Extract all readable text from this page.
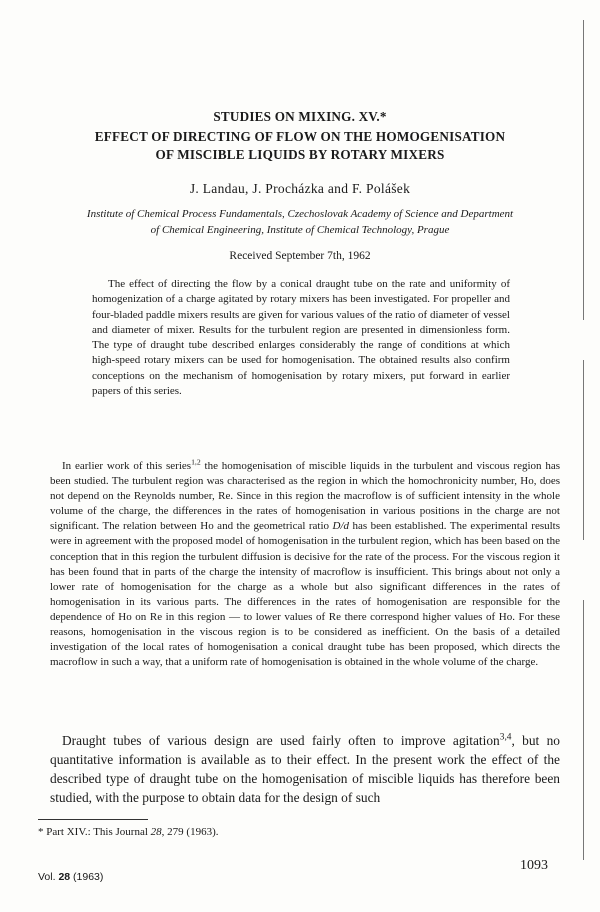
STUDIES ON MIXING. XV.*
EFFECT OF DIRECTING OF FLOW ON THE HOMOGENISATION
OF MISCIBLE LIQUIDS BY ROTARY MIXERS
J. Landau, J. Procházka and F. Polášek
Institute of Chemical Process Fundamentals, Czechoslovak Academy of Science and Department
of Chemical Engineering, Institute of Chemical Technology, Prague
Received September 7th, 1962

The effect of directing the flow by a conical draught tube on the rate and uniformity of homogenization of a charge agitated by rotary mixers has been investigated. For propeller and four-bladed paddle mixers results are given for various values of the ratio of diameter of vessel and diameter of mixer. Results for the turbulent region are presented in dimensionless form. The type of draught tube described enlarges considerably the range of conditions at which high-speed rotary mixers can be used for homogenisation. The obtained results also confirm conceptions on the mechanism of homogenisation by rotary mixers, put forward in earlier papers of this series.

In earlier work of this series$^{1,2}$ the homogenisation of miscible liquids in the turbulent and viscous region has been studied. The turbulent region was characterised as the region in which the homochronicity number, Ho, does not depend on the Reynolds number, Re. Since in this region the macroflow is of sufficient intensity in the whole volume of the charge, the differences in the rates of homogenisation in various positions in the charge are not significant. The relation between Ho and the geometrical ratio D/d has been established. The experimental results were in agreement with the proposed model of homogenisation in the turbulent region, which has been based on the conception that in this region the turbulent diffusion is decisive for the rate of the process. For the viscous region it has been found that in parts of the charge the intensity of macroflow is insufficient. This brings about not only a lower rate of homogenisation for the charge as a whole but also significant differences in the rates of homogenisation in its various parts. The differences in the rates of homogenisation are responsible for the dependence of Ho on Re in this region — to lower values of Re there correspond higher values of Ho. For these reasons, homogenisation in the viscous region is to be considered as inefficient. On the basis of a detailed investigation of the local rates of homogenisation a conical draught tube has been proposed, which directs the macroflow in such a way, that a uniform rate of homogenisation is obtained in the whole volume of the charge.

Draught tubes of various design are used fairly often to improve agitation$^{3,4}$, but no quantitative information is available as to their effect. In the present work the effect of the described type of draught tube on the homogenisation of miscible liquids has therefore been studied, with the purpose to obtain data for the design of such

* Part XIV.: This Journal 28, 279 (1963).
Vol. 28 (1963)
1093
